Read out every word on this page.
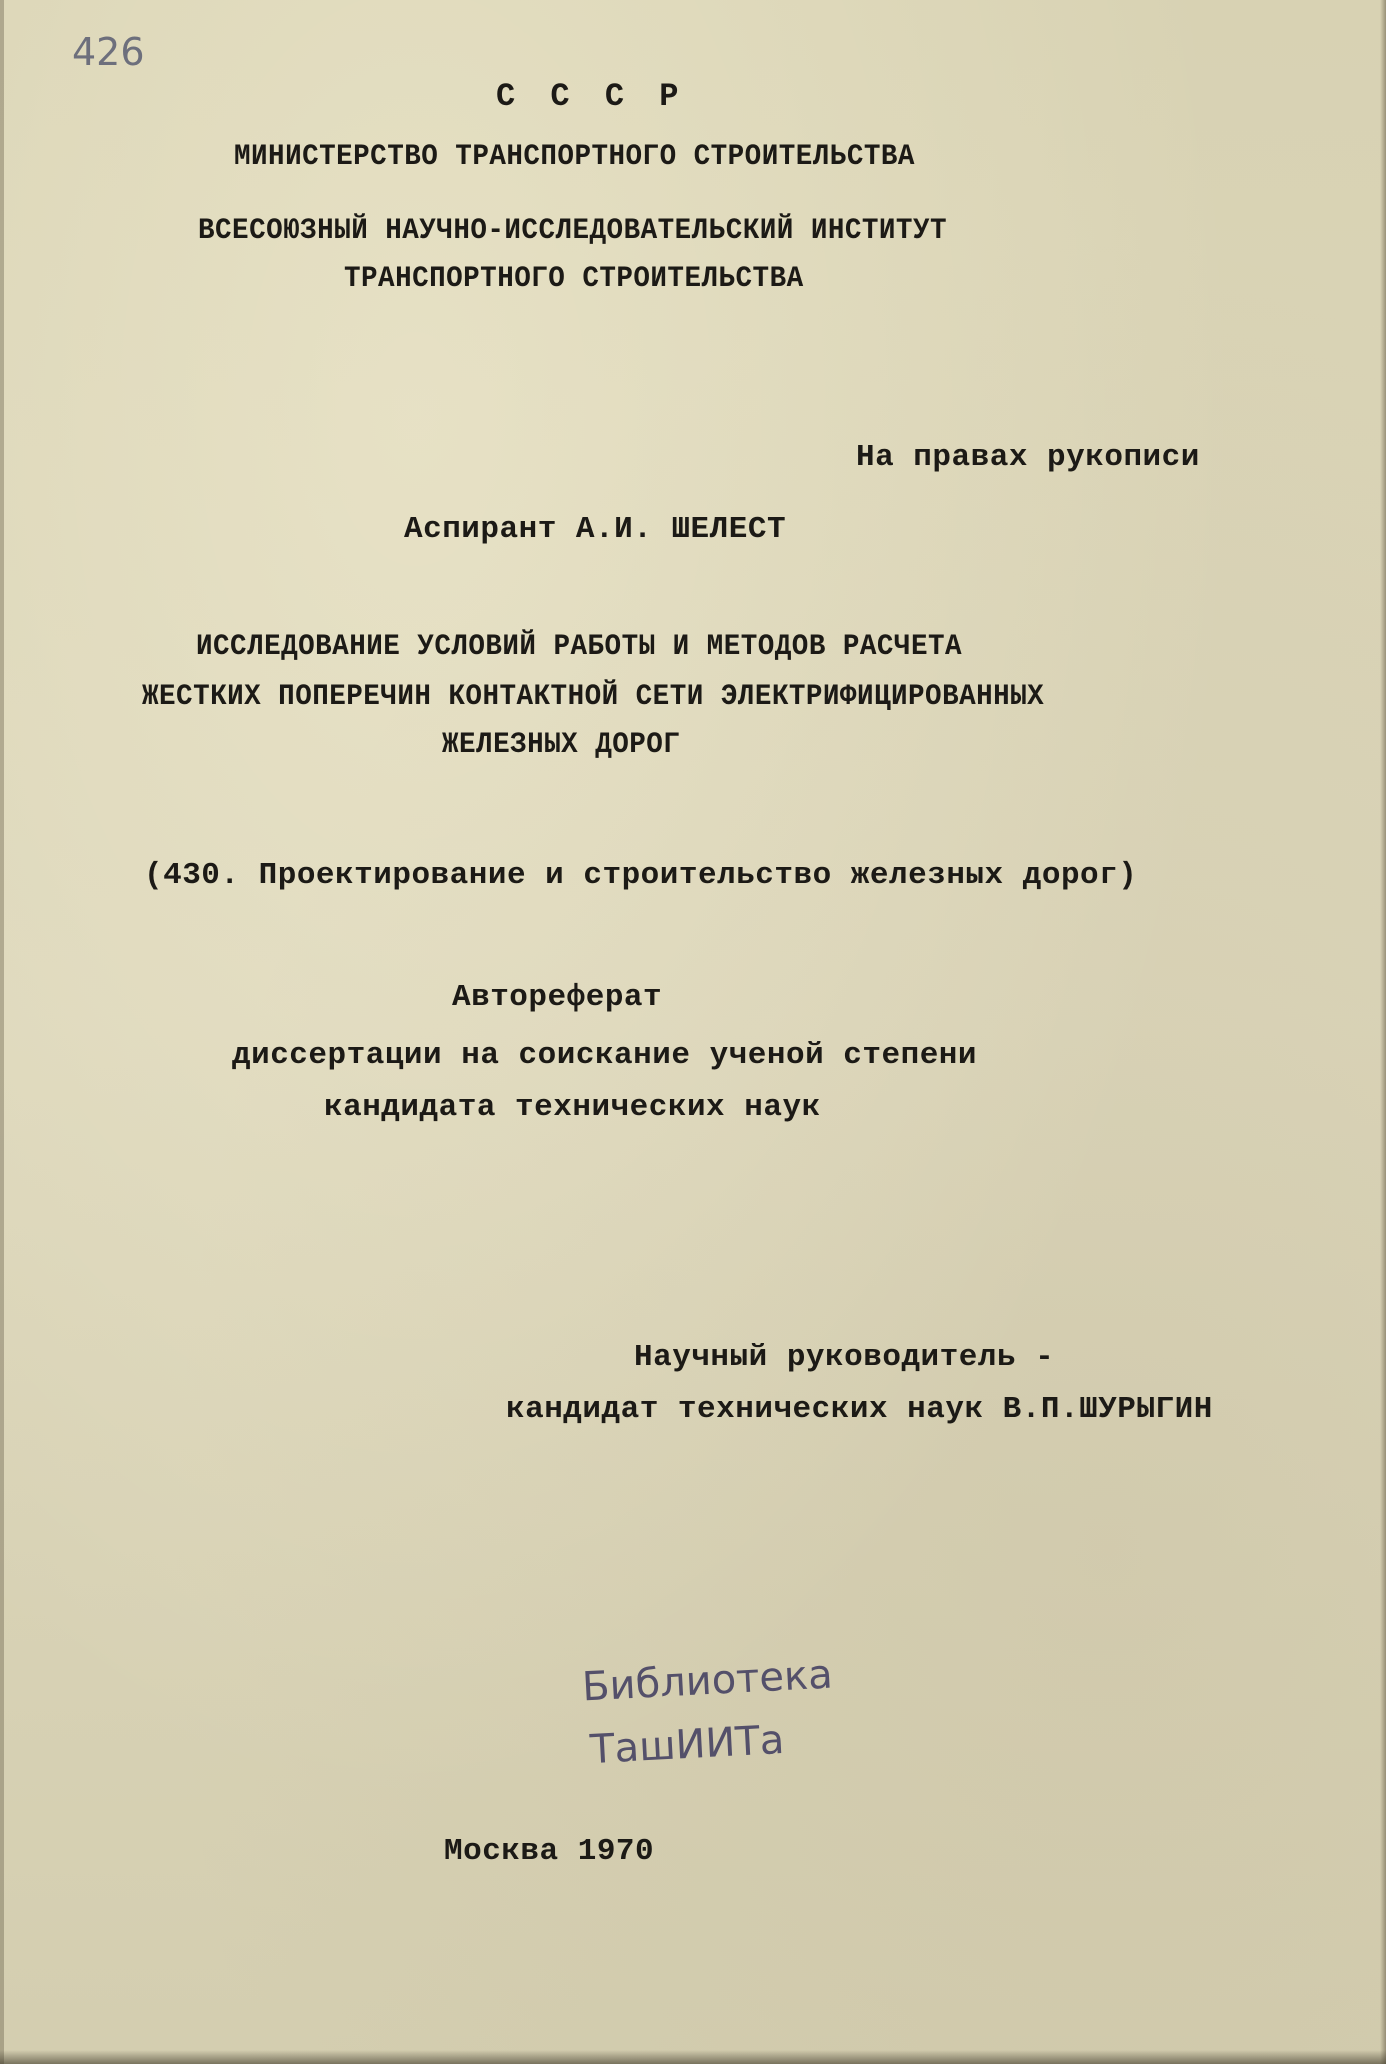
426
С С С Р
МИНИСТЕРСТВО ТРАНСПОРТНОГО СТРОИТЕЛЬСТВА
ВСЕСОЮЗНЫЙ НАУЧНО-ИССЛЕДОВАТЕЛЬСКИЙ ИНСТИТУТ
ТРАНСПОРТНОГО СТРОИТЕЛЬСТВА
На правах рукописи
Аспирант А.И. ШЕЛЕСТ
ИССЛЕДОВАНИЕ УСЛОВИЙ РАБОТЫ И МЕТОДОВ РАСЧЕТА
ЖЕСТКИХ ПОПЕРЕЧИН КОНТАКТНОЙ СЕТИ ЭЛЕКТРИФИЦИРОВАННЫХ
ЖЕЛЕЗНЫХ ДОРОГ
(430. Проектирование и строительство железных дорог)
Автореферат
диссертации на соискание ученой степени
кандидата технических наук
Научный руководитель -
кандидат технических наук В.П.ШУРЫГИН
Библиотека
ТашИИТа
Москва 1970
